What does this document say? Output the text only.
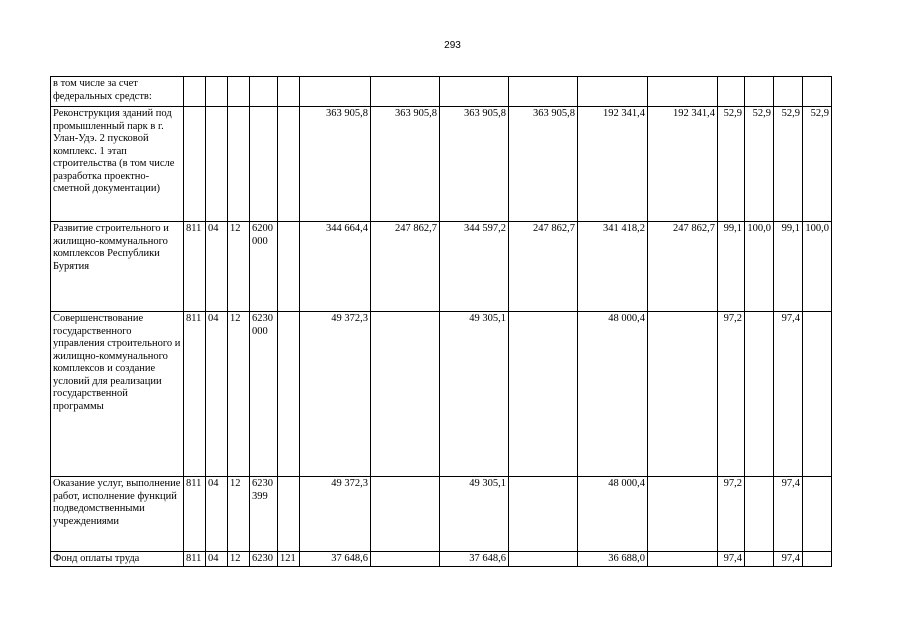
293
в том числе за счет федеральных средств:															
Реконструкция зданий под промышленный парк в г. Улан-Удэ. 2 пусковой комплекс. 1 этап строительства (в том числе разработка проектно-сметной документации)						363 905,8	363 905,8	363 905,8	363 905,8	192 341,4	192 341,4	52,9	52,9	52,9	52,9
Развитие строительного и жилищно-коммунального комплексов Республики Бурятия	811	04	12	6200 000		344 664,4	247 862,7	344 597,2	247 862,7	341 418,2	247 862,7	99,1	100,0	99,1	100,0
Совершенствование государственного управления строительного и жилищно-коммунального комплексов и создание условий для реализации государственной программы	811	04	12	6230 000		49 372,3		49 305,1		48 000,4		97,2		97,4	
Оказание услуг, выполнение работ, исполнение функций подведомственными учреждениями	811	04	12	6230 399		49 372,3		49 305,1		48 000,4		97,2		97,4	
Фонд оплаты труда	811	04	12	6230	121	37 648,6		37 648,6		36 688,0		97,4		97,4	
